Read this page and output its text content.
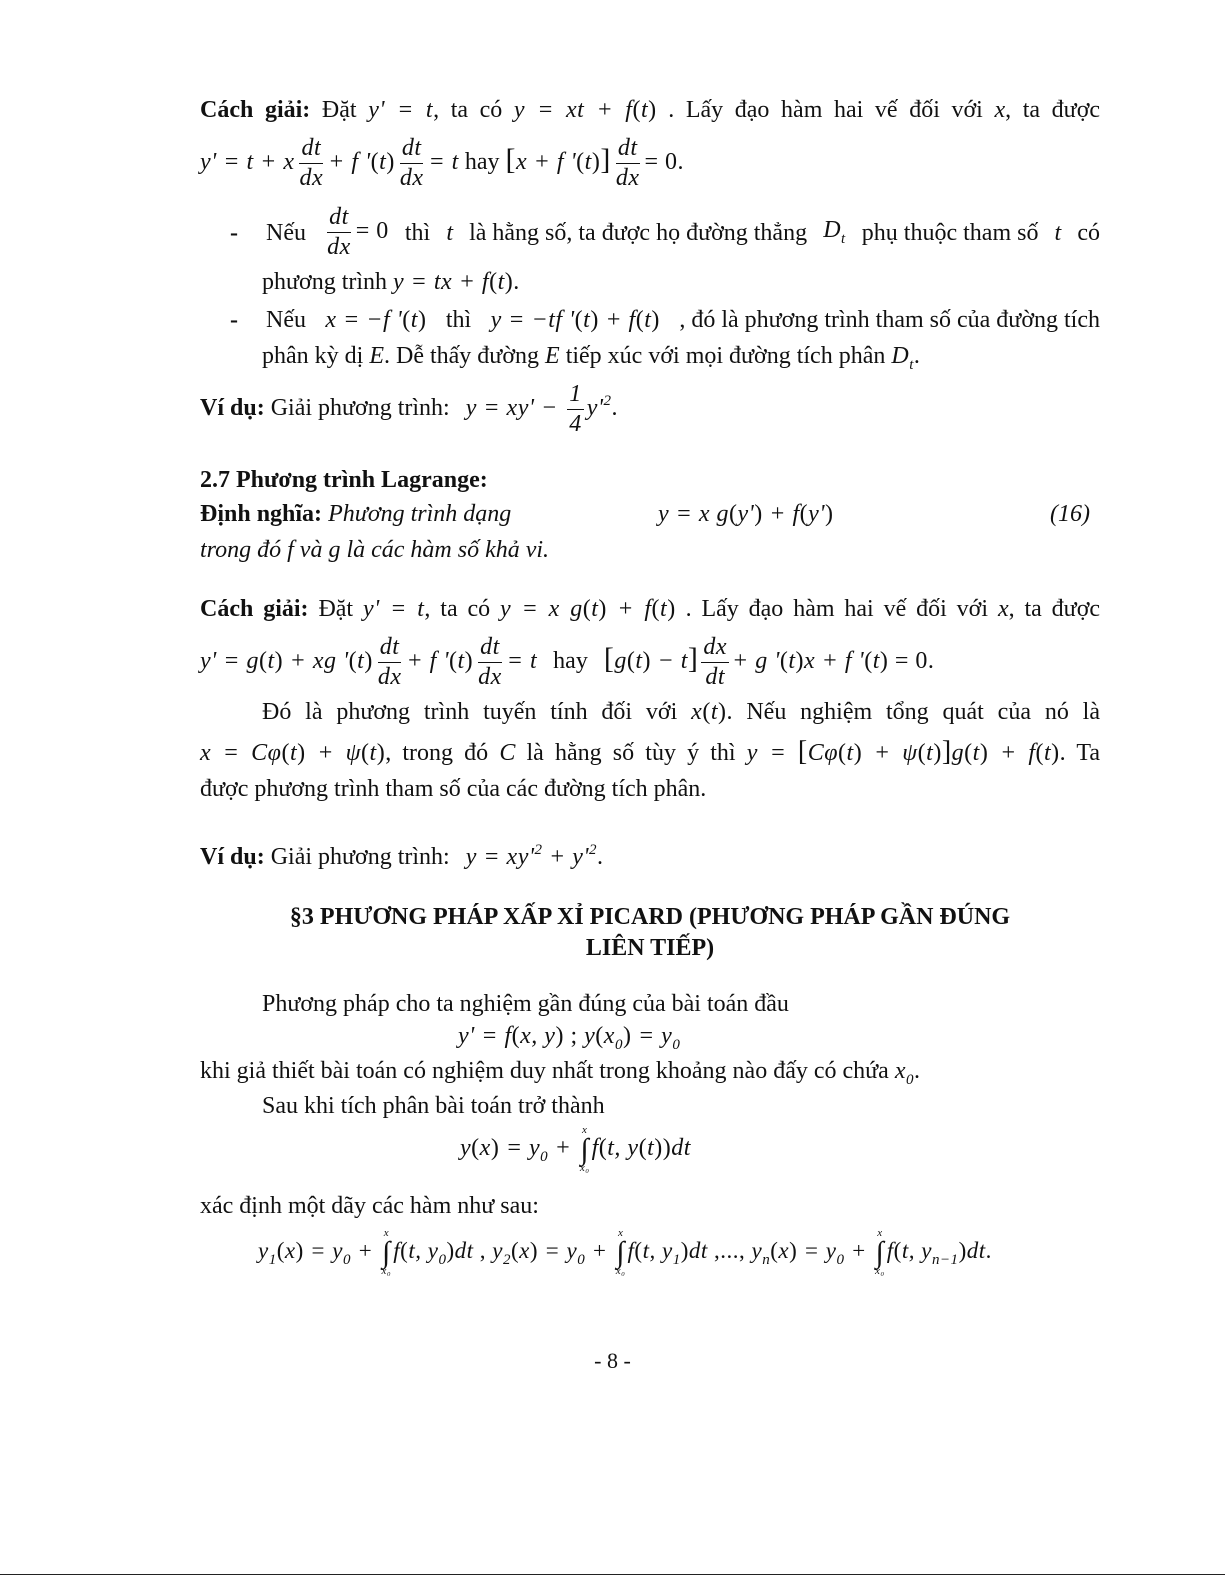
Cách giải: Đặt y' = t, ta có y = xt + f(t) . Lấy đạo hàm hai vế đối với x, ta được
y' = t + x $\frac{dt}{dx} + f$ '$(t) \frac{dt}{dx} = t$ hay [x + f '$(t)] \frac{dt}{dx} = 0$.
- Nếu $\frac{dt}{dx} = 0$ thì t là hằng số, ta được họ đường thẳng $D_t$ phụ thuộc tham số t có
phương trình y = tx + f(t).
- Nếu x = −f '(t) thì y = −tf '(t) + f(t) , đó là phương trình tham số của đường tích
phân kỳ dị E. Dễ thấy đường E tiếp xúc với mọi đường tích phân $D_t$.
Ví dụ: Giải phương trình: $y = xy' - \frac{1}{4} y'^2$.
2.7 Phương trình Lagrange:
Định nghĩa: Phương trình dạng	y = x g(y') + f(y')	(16)
trong đó f và g là các hàm số khả vi.
Cách giải: Đặt y' = t, ta có y = x g(t) + f(t) . Lấy đạo hàm hai vế đối với x, ta được
y' = g(t) + xg '$(t) \frac{dt}{dx} + f$ '$(t) \frac{dt}{dx} = t$ hay $[g(t) - t] \frac{dx}{dt} + g$ '(t)x + f '(t) = 0.
Đó là phương trình tuyến tính đối với x(t). Nếu nghiệm tổng quát của nó là
x = Cφ(t) + ψ(t), trong đó C là hằng số tùy ý thì y = [Cφ(t) + ψ(t)]g(t) + f(t). Ta
được phương trình tham số của các đường tích phân.
Ví dụ: Giải phương trình: $y = xy'^2 + y'^2$.
§3 PHƯƠNG PHÁP XẤP XỈ PICARD (PHƯƠNG PHÁP GẦN ĐÚNG
LIÊN TIẾP)
Phương pháp cho ta nghiệm gần đúng của bài toán đầu
y' = f(x, y) ; $y(x_0) = y_0$
khi giả thiết bài toán có nghiệm duy nhất trong khoảng nào đấy có chứa $x_0$.
Sau khi tích phân bài toán trở thành
$y(x) = y_0$ +
x
∫
x₀
f(t, y(t))dt
xác định một dãy các hàm như sau:
$y_1(x) = y_0$ +
x
∫
x₀
f(t, $y_0)dt$ , $y_2(x) = y_0$ +
x
∫
x₀
f(t, $y_1)dt$ ,..., $y_n(x) = y_0$ +
x
∫
x₀
f(t, $y_{n-1})dt$.
- 8 -
